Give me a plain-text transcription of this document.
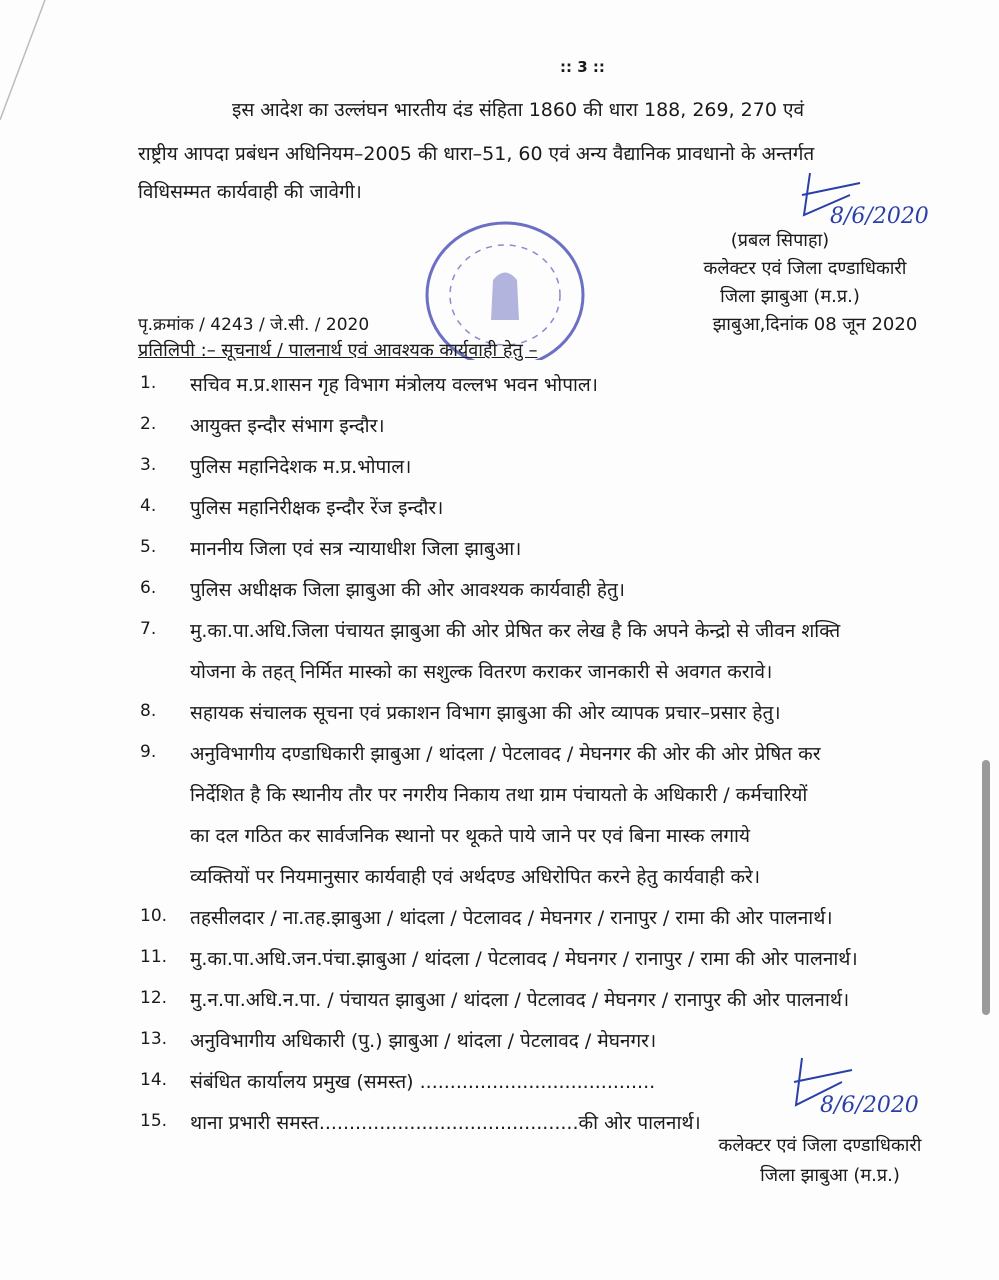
:: 3 ::
इस आदेश का उल्लंघन भारतीय दंड संहिता 1860 की धारा 188, 269, 270 एवं
राष्ट्रीय आपदा प्रबंधन अधिनियम–2005 की धारा–51, 60 एवं अन्य वैद्यानिक प्रावधानो के अन्तर्गत
विधिसम्मत कार्यवाही की जावेगी।
8/6/2020
(प्रबल सिपाहा)
कलेक्टर एवं जिला दण्डाधिकारी
जिला झाबुआ (म.प्र.)
झाबुआ,दिनांक 08 जून 2020
पृ.क्रमांक / 4243 / जे.सी. / 2020
प्रतिलिपी :– सूचनार्थ / पालनार्थ एवं आवश्यक कार्यवाही हेतु –
1. सचिव म.प्र.शासन गृह विभाग मंत्रोलय वल्लभ भवन भोपाल।
2. आयुक्त इन्दौर संभाग इन्दौर।
3. पुलिस महानिदेशक म.प्र.भोपाल।
4. पुलिस महानिरीक्षक इन्दौर रेंज इन्दौर।
5. माननीय जिला एवं सत्र न्यायाधीश जिला झाबुआ।
6. पुलिस अधीक्षक जिला झाबुआ की ओर आवश्यक कार्यवाही हेतु।
7. मु.का.पा.अधि.जिला पंचायत झाबुआ की ओर प्रेषित कर लेख है कि अपने केन्द्रो से जीवन शक्ति
योजना के तहत् निर्मित मास्को का सशुल्क वितरण कराकर जानकारी से अवगत करावे।
8. सहायक संचालक सूचना एवं प्रकाशन विभाग झाबुआ की ओर व्यापक प्रचार–प्रसार हेतु।
9. अनुविभागीय दण्डाधिकारी झाबुआ / थांदला / पेटलावद / मेघनगर की ओर की ओर प्रेषित कर
निर्देशित है कि स्थानीय तौर पर नगरीय निकाय तथा ग्राम पंचायतो के अधिकारी / कर्मचारियों
का दल गठित कर सार्वजनिक स्थानो पर थूकते पाये जाने पर एवं बिना मास्क लगाये
व्यक्तियों पर नियमानुसार कार्यवाही एवं अर्थदण्ड अधिरोपित करने हेतु कार्यवाही करे।
10. तहसीलदार / ना.तह.झाबुआ / थांदला / पेटलावद / मेघनगर / रानापुर / रामा की ओर पालनार्थ।
11. मु.का.पा.अधि.जन.पंचा.झाबुआ / थांदला / पेटलावद / मेघनगर / रानापुर / रामा की ओर पालनार्थ।
12. मु.न.पा.अधि.न.पा. / पंचायत झाबुआ / थांदला / पेटलावद / मेघनगर / रानापुर की ओर पालनार्थ।
13. अनुविभागीय अधिकारी (पु.) झाबुआ / थांदला / पेटलावद / मेघनगर।
14. संबंधित कार्यालय प्रमुख (समस्त) .......................................
15. थाना प्रभारी समस्त...........................................की ओर पालनार्थ।
8/6/2020
कलेक्टर एवं जिला दण्डाधिकारी
जिला झाबुआ (म.प्र.)
